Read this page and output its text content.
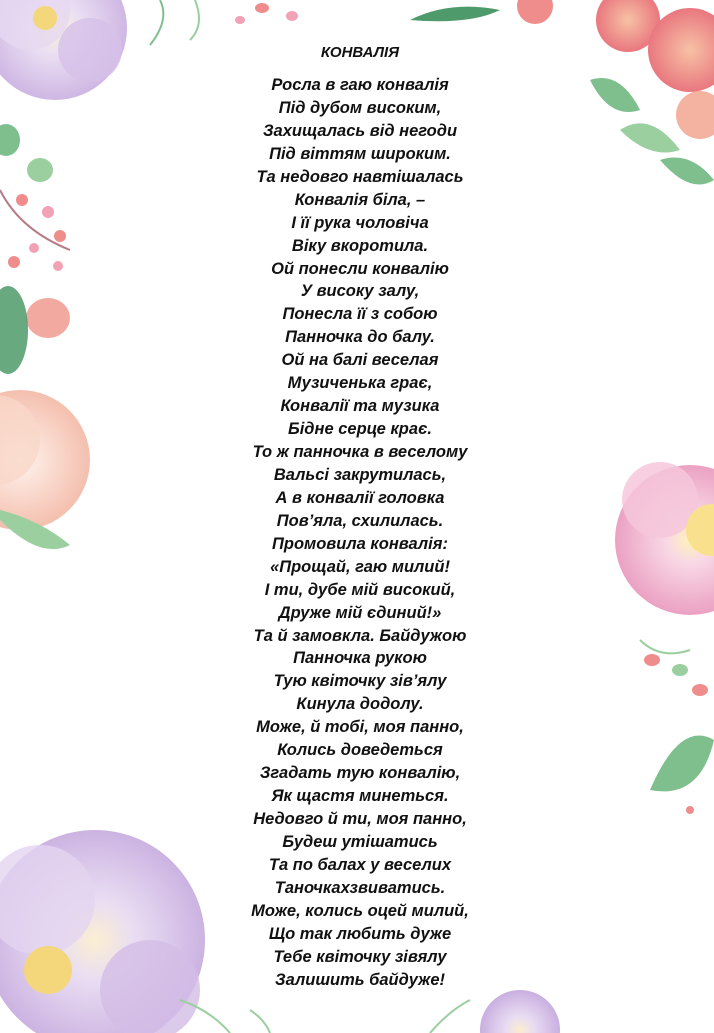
КОНВАЛІЯ
Росла в гаю конвалія
Під дубом високим,
Захищалась від негоди
Під віттям широким.
Та недовго навтішалась
Конвалія біла, –
І її рука чоловіча
Віку вкоротила.
Ой понесли конвалію
У високу залу,
Понесла її з собою
Панночка до балу.
Ой на балі веселая
Музиченька грає,
Конвалії та музика
Бідне серце крає.
То ж панночка в веселому
Вальсі закрутилась,
А в конвалії головка
Пов’яла, схилилась.
Промовила конвалія:
«Прощай, гаю милий!
І ти, дубе мій високий,
Друже мій єдиний!»
Та й замовкла. Байдужою
Панночка рукою
Тую квіточку зів’ялу
Кинула додолу.
Може, й тобі, моя панно,
Колись доведеться
Згадать тую конвалію,
Як щастя минеться.
Недовго й ти, моя панно,
Будеш утішатись
Та по балах у веселих
Таночкахзвиватись.
Може, колись оцей милий,
Що так любить дуже
Тебе квіточку зівялу
Залишить байдуже!
